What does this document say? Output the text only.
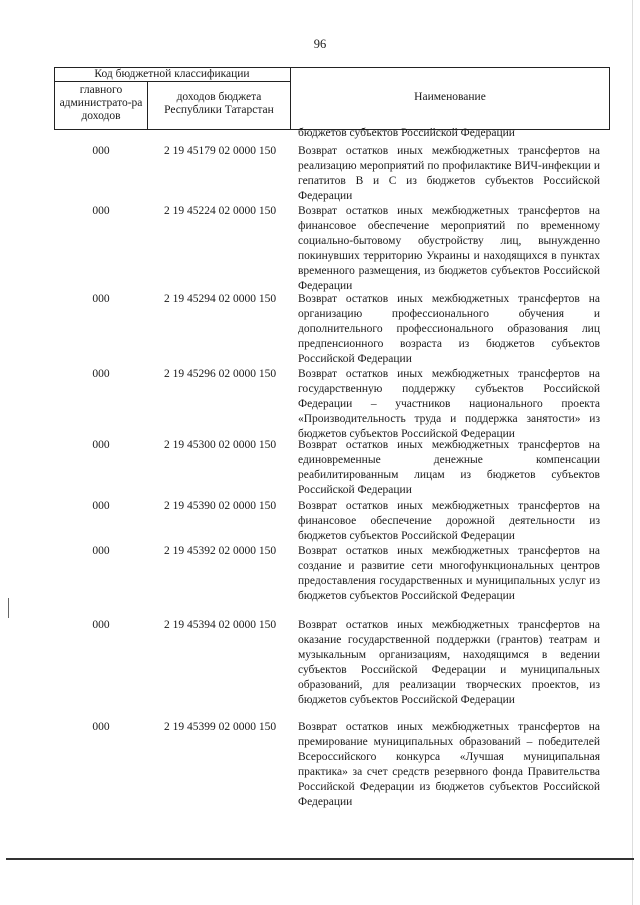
96
Код бюджетной классификации
главного администрато-ра доходов
доходов бюджета Республики Татарстан
Наименование
бюджетов субъектов Российской Федерации
000	2 19 45179 02 0000 150	Возврат остатков иных межбюджетных трансфертов на реализацию мероприятий по профилактике ВИЧ-инфекции и гепатитов В и С из бюджетов субъектов Российской Федерации
000	2 19 45224 02 0000 150	Возврат остатков иных межбюджетных трансфертов на финансовое обеспечение мероприятий по временному социально-бытовому обустройству лиц, вынужденно покинувших территорию Украины и находящихся в пунктах временного размещения, из бюджетов субъектов Российской Федерации
000	2 19 45294 02 0000 150	Возврат остатков иных межбюджетных трансфертов на организацию профессионального обучения и дополнительного профессионального образования лиц предпенсионного возраста из бюджетов субъектов Российской Федерации
000	2 19 45296 02 0000 150	Возврат остатков иных межбюджетных трансфертов на государственную поддержку субъектов Российской Федерации – участников национального проекта «Производительность труда и поддержка занятости» из бюджетов субъектов Российской Федерации
000	2 19 45300 02 0000 150	Возврат остатков иных межбюджетных трансфертов на единовременные денежные компенсации реабилитированным лицам из бюджетов субъектов Российской Федерации
000	2 19 45390 02 0000 150	Возврат остатков иных межбюджетных трансфертов на финансовое обеспечение дорожной деятельности из бюджетов субъектов Российской Федерации
000	2 19 45392 02 0000 150	Возврат остатков иных межбюджетных трансфертов на создание и развитие сети многофункциональных центров предоставления государственных и муниципальных услуг из бюджетов субъектов Российской Федерации
000	2 19 45394 02 0000 150	Возврат остатков иных межбюджетных трансфертов на оказание государственной поддержки (грантов) театрам и музыкальным организациям, находящимся в ведении субъектов Российской Федерации и муниципальных образований, для реализации творческих проектов, из бюджетов субъектов Российской Федерации
000	2 19 45399 02 0000 150	Возврат остатков иных межбюджетных трансфертов на премирование муниципальных образований – победителей Всероссийского конкурса «Лучшая муниципальная практика» за счет средств резервного фонда Правительства Российской Федерации из бюджетов субъектов Российской Федерации
